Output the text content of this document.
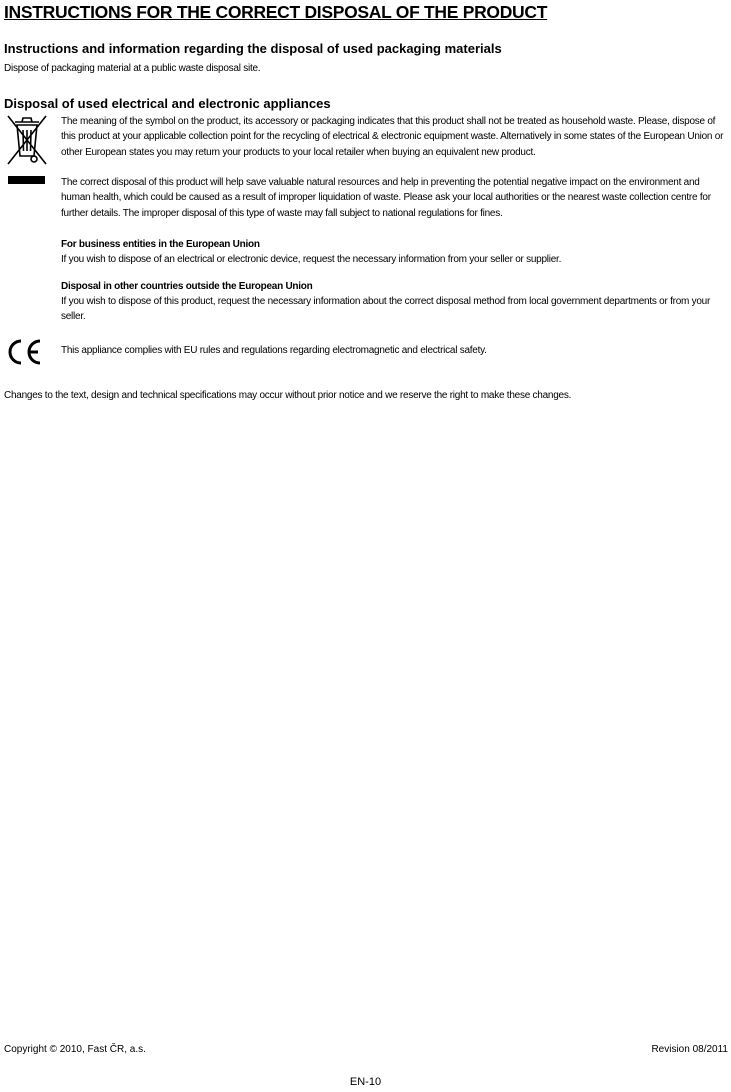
INSTRUCTIONS FOR THE CORRECT DISPOSAL OF THE PRODUCT
Instructions and information regarding the disposal of used packaging materials
Dispose of packaging material at a public waste disposal site.
Disposal of used electrical and electronic appliances
The meaning of the symbol on the product, its accessory or packaging indicates that this product shall not be treated as household waste. Please, dispose of this product at your applicable collection point for the recycling of electrical & electronic equipment waste. Alternatively in some states of the European Union or other European states you may return your products to your local retailer when buying an equivalent new product.
The correct disposal of this product will help save valuable natural resources and help in preventing the potential negative impact on the environment and human health, which could be caused as a result of improper liquidation of waste. Please ask your local authorities or the nearest waste collection centre for further details. The improper disposal of this type of waste may fall subject to national regulations for fines.
For business entities in the European Union
If you wish to dispose of an electrical or electronic device, request the necessary information from your seller or supplier.
Disposal in other countries outside the European Union
If you wish to dispose of this product, request the necessary information about the correct disposal method from local government departments or from your seller.
This appliance complies with EU rules and regulations regarding electromagnetic and electrical safety.
Changes to the text, design and technical specifications may occur without prior notice and we reserve the right to make these changes.
Copyright © 2010, Fast ČR, a.s.	Revision 08/2011
EN-10
